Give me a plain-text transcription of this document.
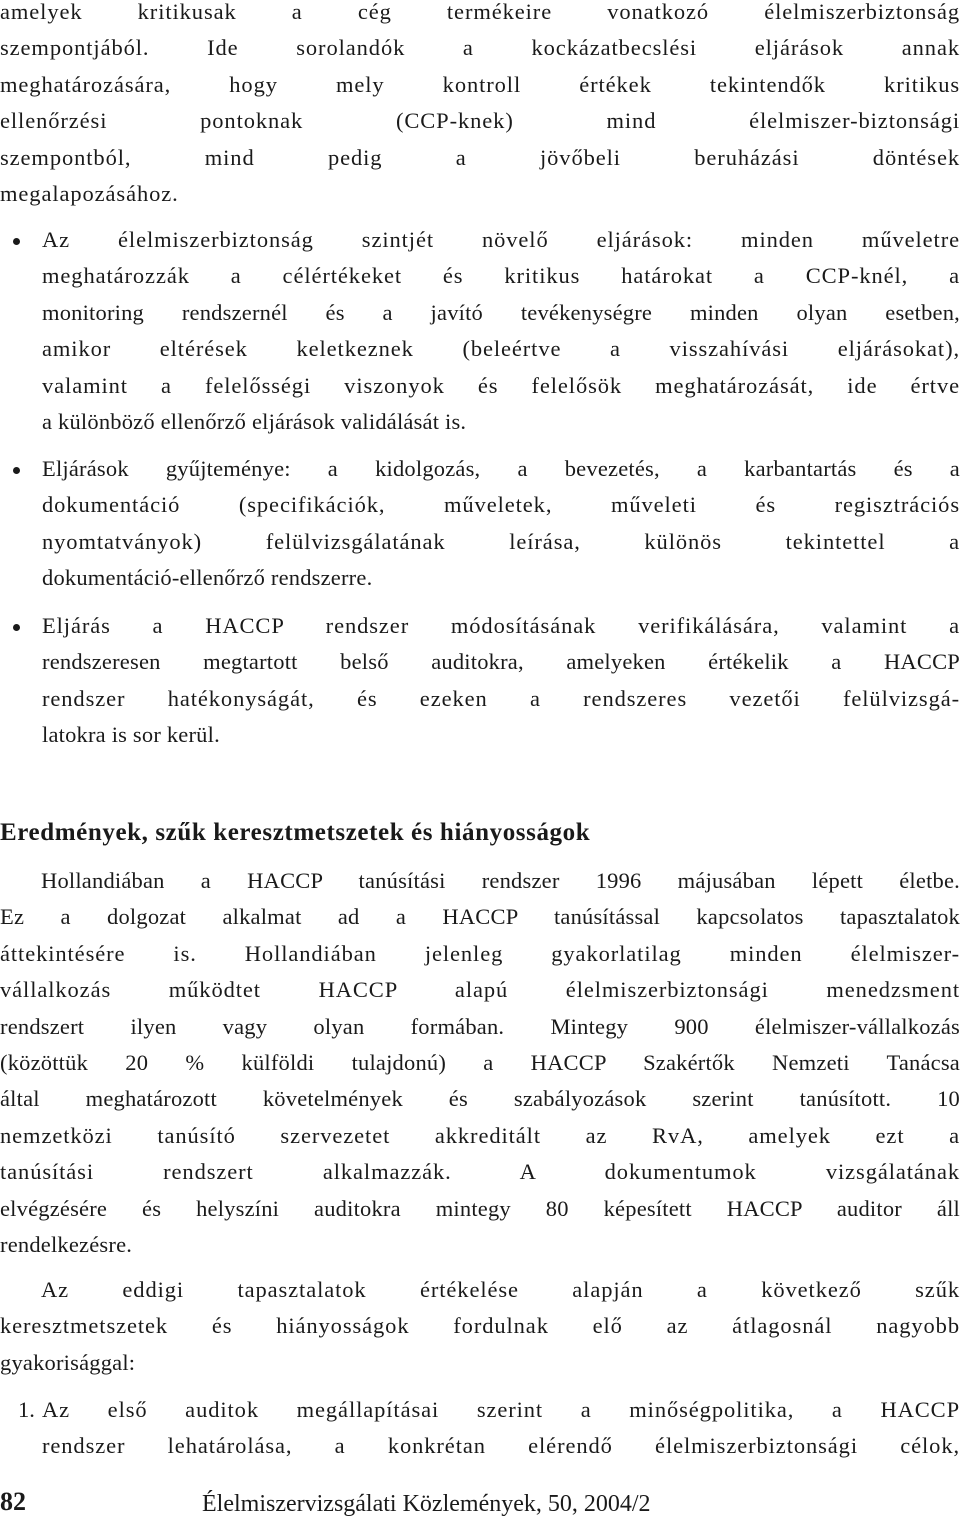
amelyek kritikusak a cég termékeire vonatkozó élelmiszerbiztonság
szempontjából. Ide sorolandók a kockázatbecslési eljárások annak
meghatározására, hogy mely kontroll értékek tekintendők kritikus
ellenőrzési pontoknak (CCP-knek) mind élelmiszer-biztonsági
szempontból, mind pedig a jövőbeli beruházási döntések
megalapozásához.
Az élelmiszerbiztonság szintjét növelő eljárások: minden műveletre
meghatározzák a célértékeket és kritikus határokat a CCP-knél, a
monitoring rendszernél és a javító tevékenységre minden olyan esetben,
amikor eltérések keletkeznek (beleértve a visszahívási eljárásokat),
valamint a felelősségi viszonyok és felelősök meghatározását, ide értve
a különböző ellenőrző eljárások validálását is.
Eljárások gyűjteménye: a kidolgozás, a bevezetés, a karbantartás és a
dokumentáció (specifikációk, műveletek, műveleti és regisztrációs
nyomtatványok) felülvizsgálatának leírása, különös tekintettel a
dokumentáció-ellenőrző rendszerre.
Eljárás a HACCP rendszer módosításának verifikálására, valamint a
rendszeresen megtartott belső auditokra, amelyeken értékelik a HACCP
rendszer hatékonyságát, és ezeken a rendszeres vezetői felülvizsgá-
latokra is sor kerül.
Eredmények, szűk keresztmetszetek és hiányosságok
Hollandiában a HACCP tanúsítási rendszer 1996 májusában lépett életbe.
Ez a dolgozat alkalmat ad a HACCP tanúsítással kapcsolatos tapasztalatok
áttekintésére is. Hollandiában jelenleg gyakorlatilag minden élelmiszer-
vállalkozás működtet HACCP alapú élelmiszerbiztonsági menedzsment
rendszert ilyen vagy olyan formában. Mintegy 900 élelmiszer-vállalkozás
(közöttük 20 % külföldi tulajdonú) a HACCP Szakértők Nemzeti Tanácsa
által meghatározott követelmények és szabályozások szerint tanúsított. 10
nemzetközi tanúsító szervezetet akkreditált az RvA, amelyek ezt a
tanúsítási rendszert alkalmazzák. A dokumentumok vizsgálatának
elvégzésére és helyszíni auditokra mintegy 80 képesített HACCP auditor áll
rendelkezésre.
Az eddigi tapasztalatok értékelése alapján a következő szűk
keresztmetszetek és hiányosságok fordulnak elő az átlagosnál nagyobb
gyakorisággal:
1. Az első auditok megállapításai szerint a minőségpolitika, a HACCP
rendszer lehatárolása, a konkrétan elérendő élelmiszerbiztonsági célok,
82	Élelmiszervizsgálati Közlemények, 50, 2004/2
